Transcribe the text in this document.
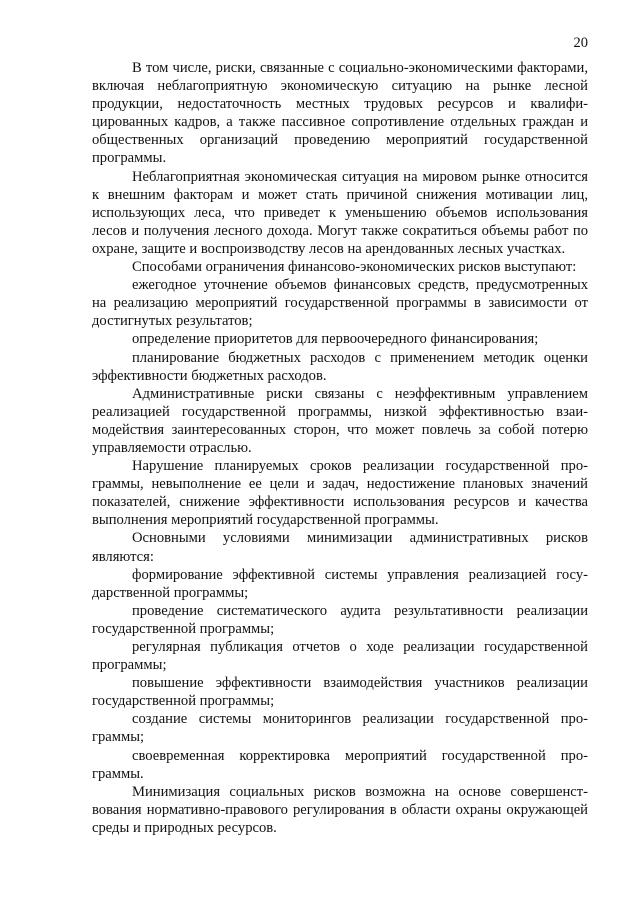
20

В том числе, риски, связанные с социально-экономическими факторами, включая неблагоприятную экономическую ситуацию на рынке лесной продукции, недостаточность местных трудовых ресурсов и квалифицированных кадров, а также пассивное сопротивление отдельных граждан и общественных организаций проведению мероприятий государственной программы.

Неблагоприятная экономическая ситуация на мировом рынке относится к внешним факторам и может стать причиной снижения мотивации лиц, использующих леса, что приведет к уменьшению объемов использования лесов и получения лесного дохода. Могут также сократиться объемы работ по охране, защите и воспроизводству лесов на арендованных лесных участках.

Способами ограничения финансово-экономических рисков выступают:

ежегодное уточнение объемов финансовых средств, предусмотренных на реализацию мероприятий государственной программы в зависимости от достигнутых результатов;

определение приоритетов для первоочередного финансирования;

планирование бюджетных расходов с применением методик оценки эффективности бюджетных расходов.

Административные риски связаны с неэффективным управлением реализацией государственной программы, низкой эффективностью взаимодействия заинтересованных сторон, что может повлечь за собой потерю управляемости отраслью.

Нарушение планируемых сроков реализации государственной программы, невыполнение ее цели и задач, недостижение плановых значений показателей, снижение эффективности использования ресурсов и качества выполнения мероприятий государственной программы.

Основными условиями минимизации административных рисков являются:

формирование эффективной системы управления реализацией государственной программы;

проведение систематического аудита результативности реализации государственной программы;

регулярная публикация отчетов о ходе реализации государственной программы;

повышение эффективности взаимодействия участников реализации государственной программы;

создание системы мониторингов реализации государственной программы;

своевременная корректировка мероприятий государственной программы.

Минимизация социальных рисков возможна на основе совершенствования нормативно-правового регулирования в области охраны окружающей среды и природных ресурсов.
